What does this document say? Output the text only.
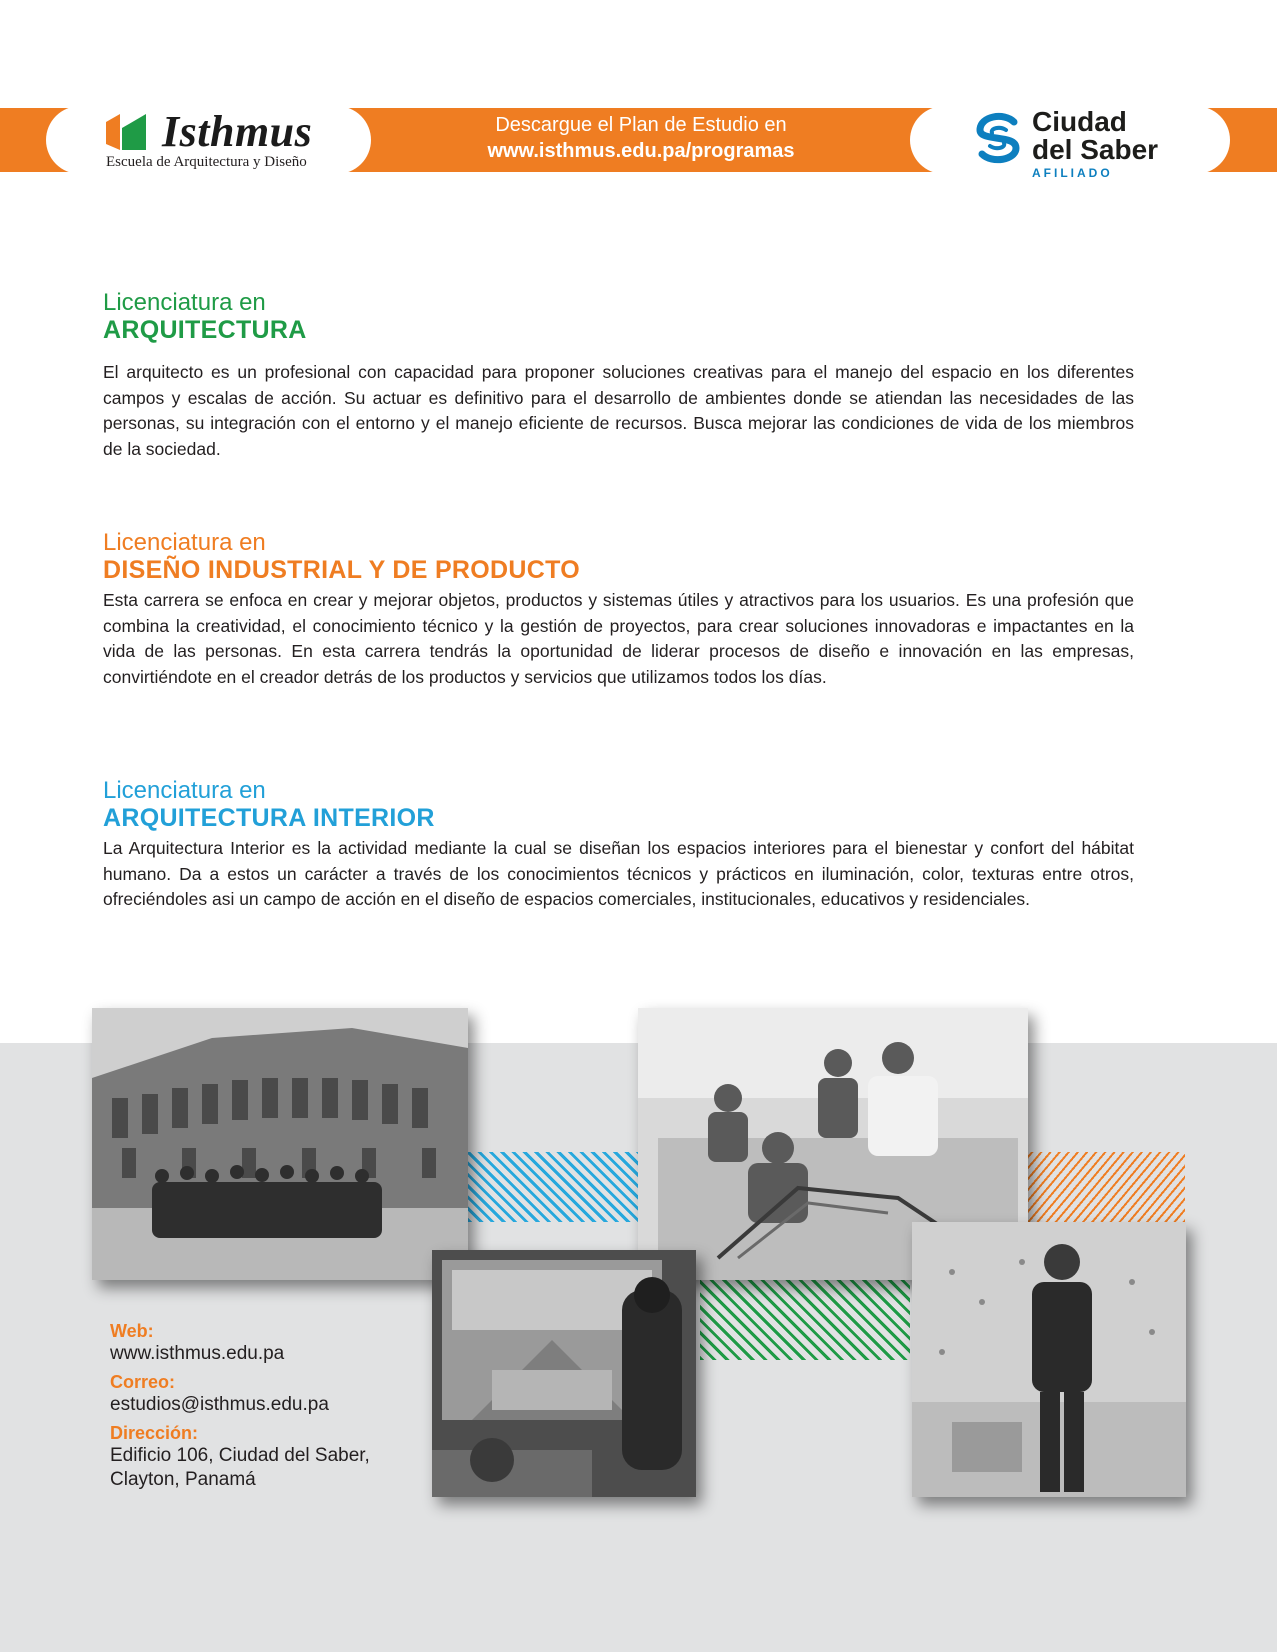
Isthmus
Escuela de Arquitectura y Diseño
Descargue el Plan de Estudio en
www.isthmus.edu.pa/programas
Ciudad
del Saber
AFILIADO
Licenciatura en
ARQUITECTURA

El arquitecto es un profesional con capacidad para proponer soluciones creativas para el manejo del espacio en los diferentes campos y escalas de acción. Su actuar es definitivo para el desarrollo de ambientes donde se atiendan las necesidades de las personas, su integración con el entorno y el manejo eficiente de recursos. Busca mejorar las condiciones de vida de los miembros de la sociedad.

Licenciatura en
DISEÑO INDUSTRIAL Y DE PRODUCTO

Esta carrera se enfoca en crear y mejorar objetos, productos y sistemas útiles y atractivos para los usuarios. Es una profesión que combina la creatividad, el conocimiento técnico y la gestión de proyectos, para crear soluciones innovadoras e impactantes en la vida de las personas. En esta carrera tendrás la oportunidad de liderar procesos de diseño e innovación en las empresas, convirtiéndote en el creador detrás de los productos y servicios que utilizamos todos los días.

Licenciatura en
ARQUITECTURA INTERIOR

La Arquitectura Interior es la actividad mediante la cual se diseñan los espacios interiores para el bienestar y confort del hábitat humano. Da a estos un carácter a través de los conocimientos técnicos y prácticos en iluminación, color, texturas entre otros, ofreciéndoles asi un campo de acción en el diseño de espacios comerciales, institucionales, educativos y residenciales.

Web:
www.isthmus.edu.pa
Correo:
estudios@isthmus.edu.pa
Dirección:
Edificio 106, Ciudad del Saber,
Clayton, Panamá
